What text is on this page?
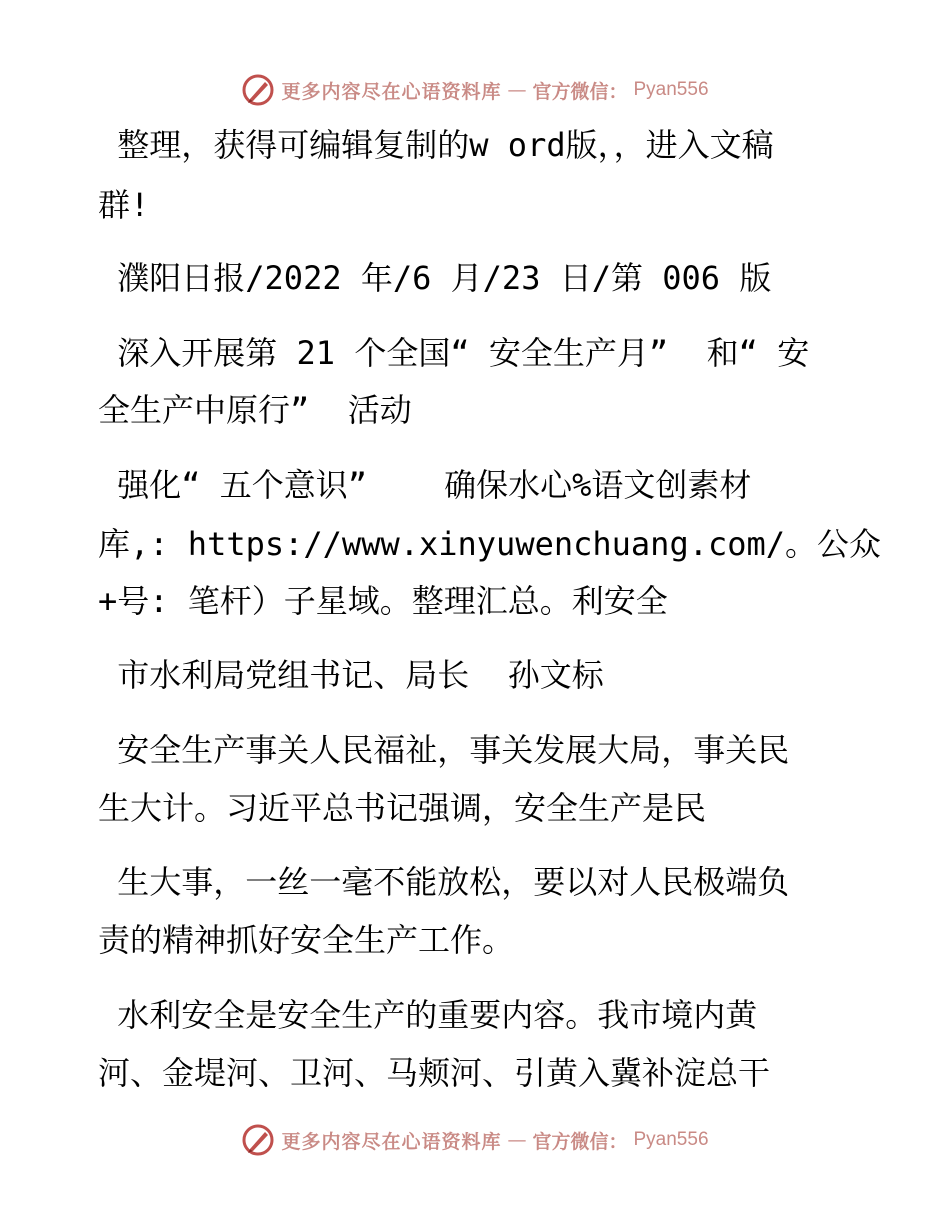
更多内容尽在心语资料库 — 官方微信： Pyan556
整理，获得可编辑复制的w ord版，，进入文稿
群!
濮阳日报/2022 年/6 月/23 日/第 006 版
深入开展第 21 个全国“ 安全生产月”  和“ 安
全生产中原行”  活动
强化“ 五个意识”    确保水心%语文创素材
库,: https://www.xinyuwenchuang.com/。公众
+号: 笔杆）子星域。整理汇总。利安全
市水利局党组书记、局长  孙文标
安全生产事关人民福祉，事关发展大局，事关民
生大计。习近平总书记强调，安全生产是民
生大事，一丝一毫不能放松，要以对人民极端负
责的精神抓好安全生产工作。
水利安全是安全生产的重要内容。我市境内黄
河、金堤河、卫河、马颊河、引黄入冀补淀总干
更多内容尽在心语资料库 — 官方微信： Pyan556
